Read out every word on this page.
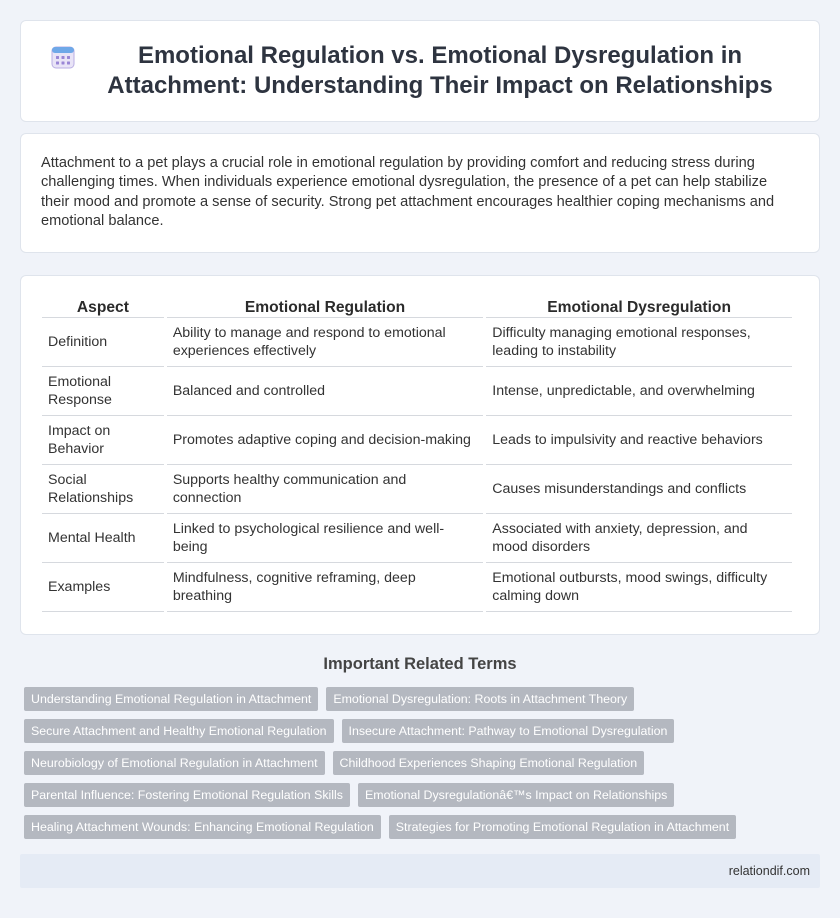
Emotional Regulation vs. Emotional Dysregulation in Attachment: Understanding Their Impact on Relationships

Attachment to a pet plays a crucial role in emotional regulation by providing comfort and reducing stress during challenging times. When individuals experience emotional dysregulation, the presence of a pet can help stabilize their mood and promote a sense of security. Strong pet attachment encourages healthier coping mechanisms and emotional balance.

Aspect	Emotional Regulation	Emotional Dysregulation
Definition	Ability to manage and respond to emotional experiences effectively	Difficulty managing emotional responses, leading to instability
Emotional Response	Balanced and controlled	Intense, unpredictable, and overwhelming
Impact on Behavior	Promotes adaptive coping and decision-making	Leads to impulsivity and reactive behaviors
Social Relationships	Supports healthy communication and connection	Causes misunderstandings and conflicts
Mental Health	Linked to psychological resilience and well-being	Associated with anxiety, depression, and mood disorders
Examples	Mindfulness, cognitive reframing, deep breathing	Emotional outbursts, mood swings, difficulty calming down
Important Related Terms
Understanding Emotional Regulation in Attachment	Emotional Dysregulation: Roots in Attachment Theory
Secure Attachment and Healthy Emotional Regulation	Insecure Attachment: Pathway to Emotional Dysregulation
Neurobiology of Emotional Regulation in Attachment	Childhood Experiences Shaping Emotional Regulation
Parental Influence: Fostering Emotional Regulation Skills	Emotional Dysregulationâ€™s Impact on Relationships
Healing Attachment Wounds: Enhancing Emotional Regulation	Strategies for Promoting Emotional Regulation in Attachment
relationdif.com
